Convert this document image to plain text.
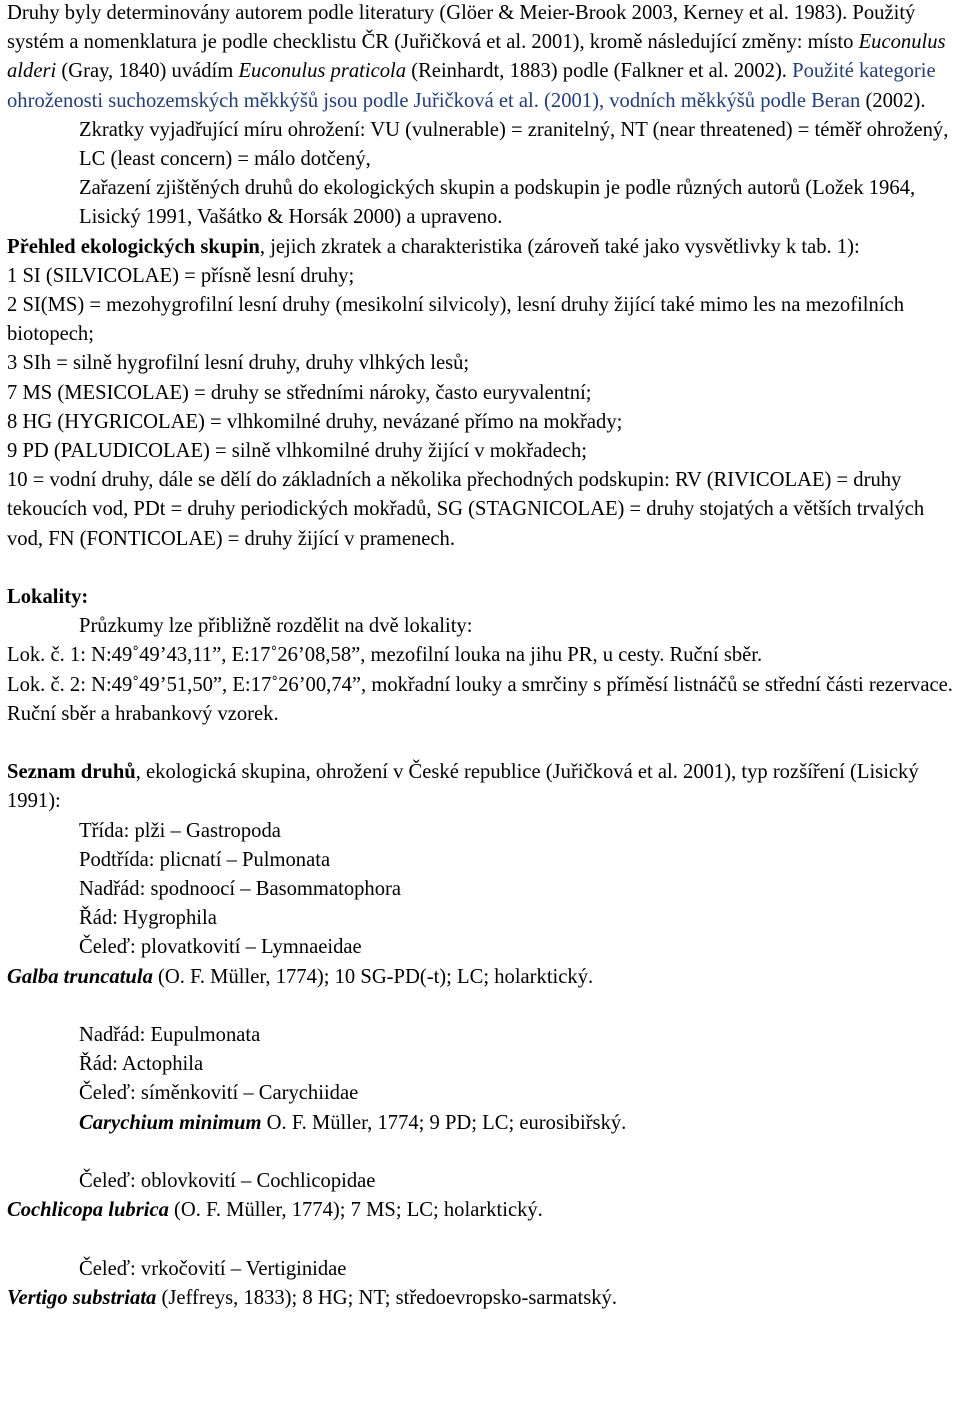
Druhy byly determinovány autorem podle literatury (Glöer & Meier-Brook 2003, Kerney et al. 1983). Použitý systém a nomenklatura je podle checklistu ČR (Juřičková et al. 2001), kromě následující změny: místo Euconulus alderi (Gray, 1840) uvádím Euconulus praticola (Reinhardt, 1883) podle (Falkner et al. 2002). Použité kategorie ohroženosti suchozemských měkkýšů jsou podle Juřičková et al. (2001), vodních měkkýšů podle Beran (2002).

Zkratky vyjadřující míru ohrožení: VU (vulnerable) = zranitelný, NT (near threatened) = téměř ohrožený, LC (least concern) = málo dotčený,

Zařazení zjištěných druhů do ekologických skupin a podskupin je podle různých autorů (Ložek 1964, Lisický 1991, Vašátko & Horsák 2000) a upraveno.

Přehled ekologických skupin, jejich zkratek a charakteristika (zároveň také jako vysvětlivky k tab. 1):

1 SI (SILVICOLAE) = přísně lesní druhy;

2 SI(MS) = mezohygrofilní lesní druhy (mesikolní silvicoly), lesní druhy žijící také mimo les na mezofilních biotopech;

3 SIh = silně hygrofilní lesní druhy, druhy vlhkých lesů;

7 MS (MESICOLAE) = druhy se středními nároky, často euryvalentní;

8 HG (HYGRICOLAE) = vlhkomilné druhy, nevázané přímo na mokřady;

9 PD (PALUDICOLAE) = silně vlhkomilné druhy žijící v mokřadech;

10 = vodní druhy, dále se dělí do základních a několika přechodných podskupin: RV (RIVICOLAE) = druhy tekoucích vod, PDt = druhy periodických mokřadů, SG (STAGNICOLAE) = druhy stojatých a větších trvalých vod, FN (FONTICOLAE) = druhy žijící v pramenech.

Lokality:

Průzkumy lze přibližně rozdělit na dvě lokality:

Lok. č. 1: N:49˚49’43,11”, E:17˚26’08,58”, mezofilní louka na jihu PR, u cesty. Ruční sběr.

Lok. č. 2: N:49˚49’51,50”, E:17˚26’00,74”, mokřadní louky a smrčiny s příměsí listnáčů se střední části rezervace. Ruční sběr a hrabankový vzorek.

Seznam druhů, ekologická skupina, ohrožení v České republice (Juřičková et al. 2001), typ rozšíření (Lisický 1991):

Třída: plži – Gastropoda

Podtřída: plicnatí – Pulmonata

Nadřád: spodnoocí – Basommatophora

Řád: Hygrophila

Čeleď: plovatkovití – Lymnaeidae

Galba truncatula (O. F. Müller, 1774); 10 SG-PD(-t); LC; holarktický.

Nadřád: Eupulmonata

Řád: Actophila

Čeleď: síměnkovití – Carychiidae

Carychium minimum O. F. Müller, 1774; 9 PD; LC; eurosibiřský.

Čeleď: oblovkovití – Cochlicopidae

Cochlicopa lubrica (O. F. Müller, 1774); 7 MS; LC; holarktický.

Čeleď: vrkočovití – Vertiginidae

Vertigo substriata (Jeffreys, 1833); 8 HG; NT; středoevropsko-sarmatský.
